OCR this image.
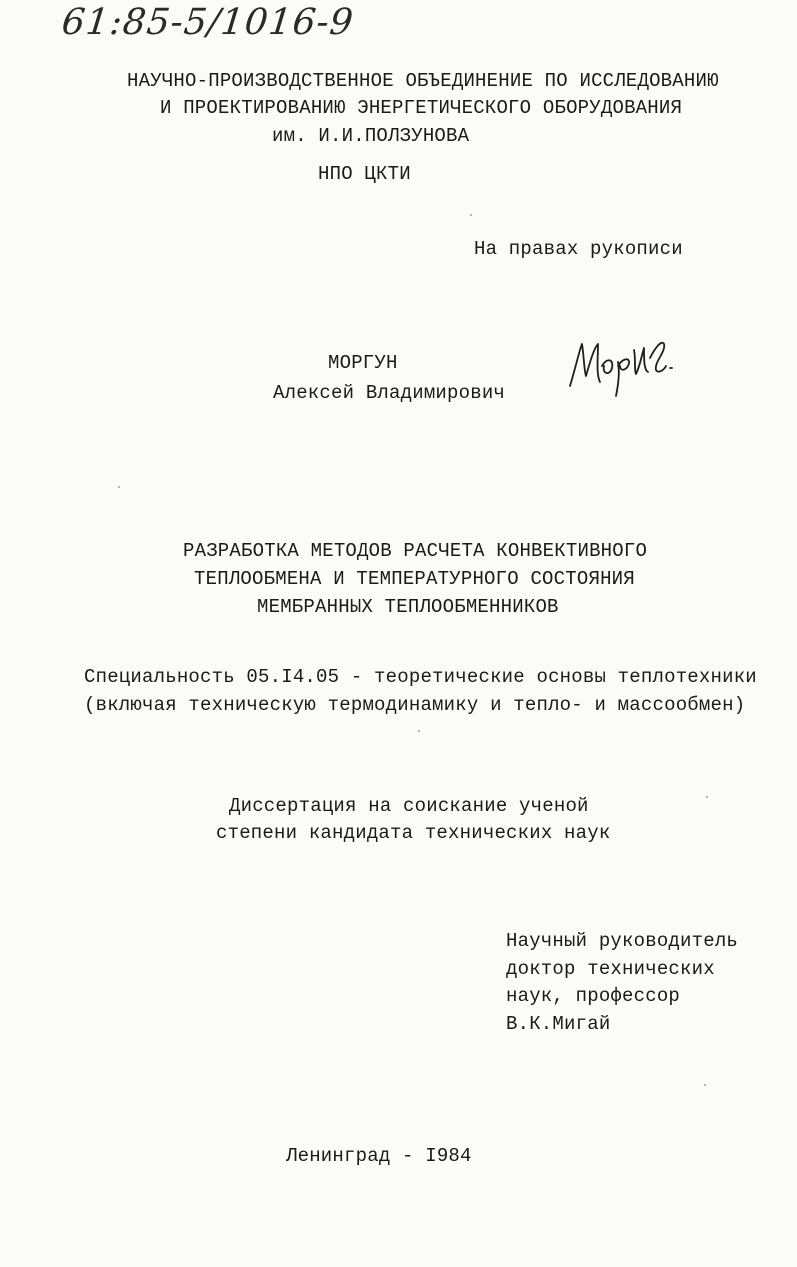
61:85-5/1016-9
НАУЧНО-ПРОИЗВОДСТВЕННОЕ ОБЪЕДИНЕНИЕ ПО ИССЛЕДОВАНИЮ
И ПРОЕКТИРОВАНИЮ ЭНЕРГЕТИЧЕСКОГО ОБОРУДОВАНИЯ
им. И.И.ПОЛЗУНОВА
НПО ЦКТИ
На правах рукописи
МОРГУН
Алексей Владимирович
РАЗРАБОТКА МЕТОДОВ РАСЧЕТА КОНВЕКТИВНОГО
ТЕПЛООБМЕНА И ТЕМПЕРАТУРНОГО СОСТОЯНИЯ
МЕМБРАННЫХ ТЕПЛООБМЕННИКОВ
Специальность 05.I4.05 - теоретические основы теплотехники
(включая техническую термодинамику и тепло- и массообмен)
Диссертация на соискание ученой
степени кандидата технических наук
Научный руководитель
доктор технических
наук, профессор
В.К.Мигай
Ленинград - I984
